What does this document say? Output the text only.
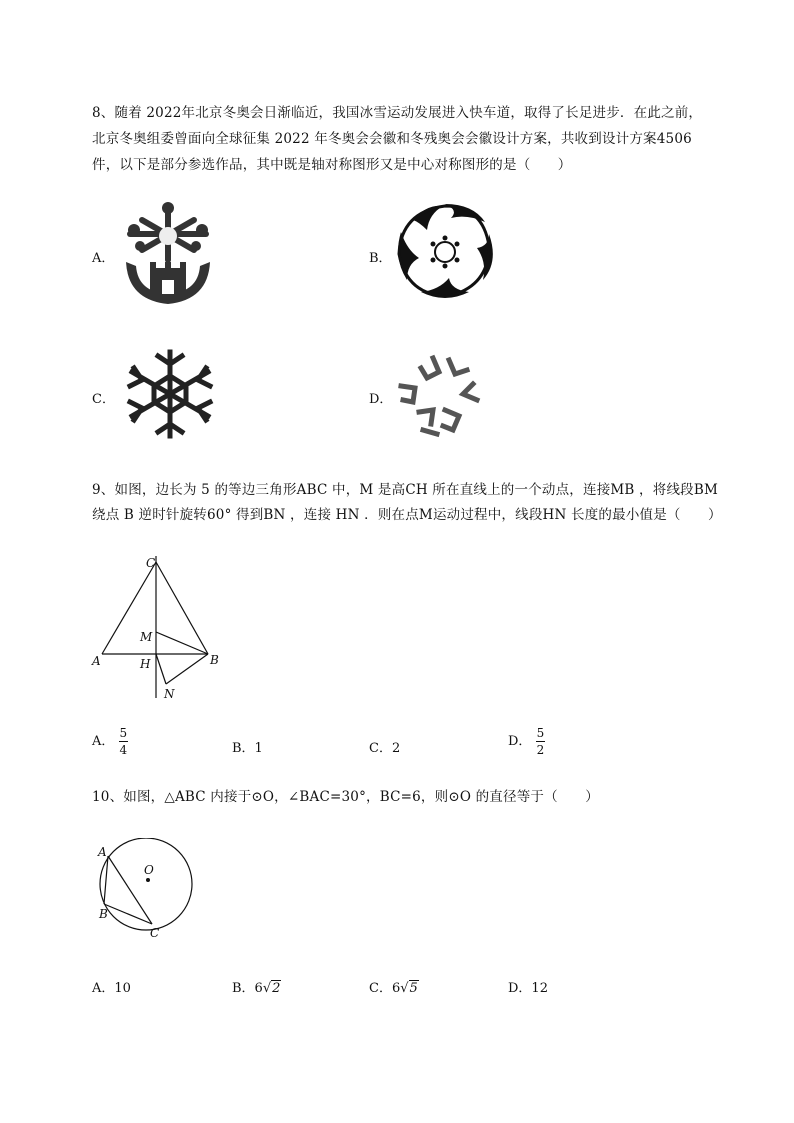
8、随着 2022年北京冬奥会日渐临近，我国冰雪运动发展进入快车道，取得了长足进步．在此之前，
北京冬奥组委曾面向全球征集 2022 年冬奥会会徽和冬残奥会会徽设计方案，共收到设计方案4506
件，以下是部分参选作品，其中既是轴对称图形又是中心对称图形的是（　　）
A．	B．
C．	D．
9、如图，边长为 5 的等边三角形ABC 中，M 是高CH 所在直线上的一个动点，连接MB ，将线段BM
绕点 B 逆时针旋转60° 得到BN ，连接 HN ．则在点M运动过程中，线段HN 长度的最小值是（　　）
C
M
A	H	B
N
A． $\frac{5}{4}$	B．1	C．2	D． $\frac{5}{2}$
10、如图，△ABC 内接于⊙O，∠BAC=30°，BC=6，则⊙O 的直径等于（　　）
A
O
B
C
A．10	B．6√2	C．6√5	D．12
